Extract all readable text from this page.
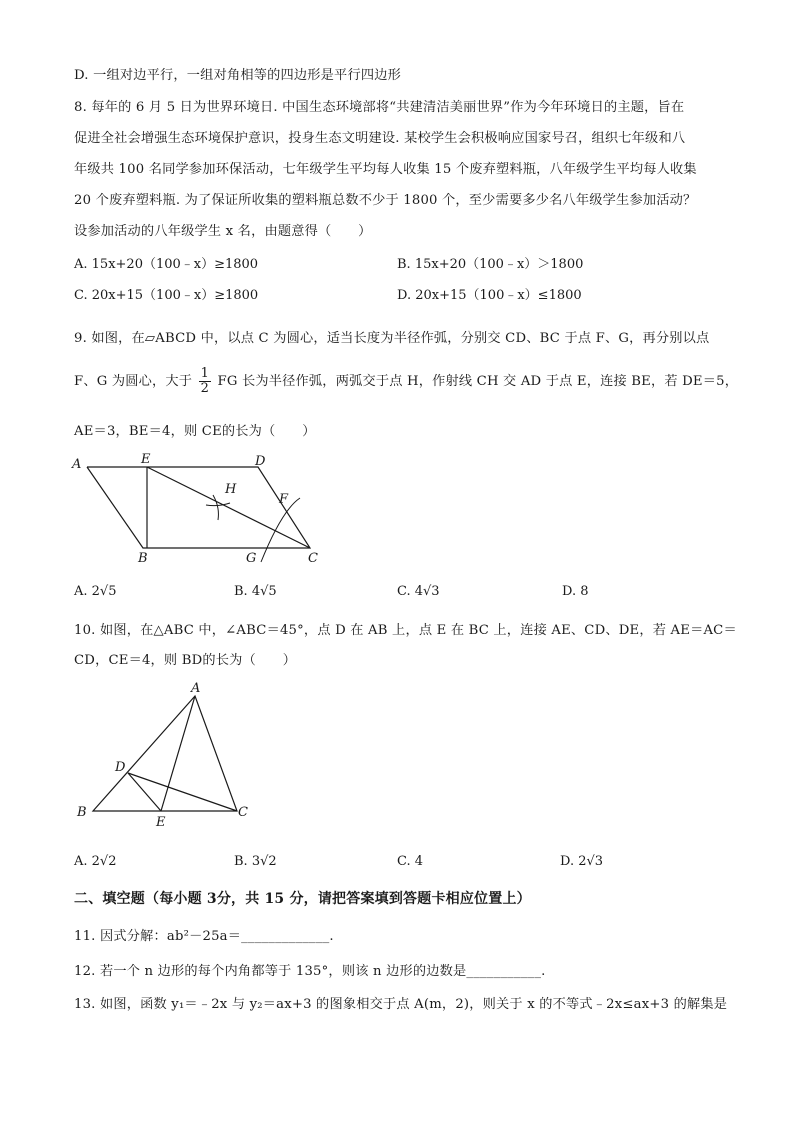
D. 一组对边平行，一组对角相等的四边形是平行四边形
8. 每年的 6 月 5 日为世界环境日. 中国生态环境部将“共建清洁美丽世界”作为今年环境日的主题，旨在
促进全社会增强生态环境保护意识，投身生态文明建设. 某校学生会积极响应国家号召，组织七年级和八
年级共 100 名同学参加环保活动，七年级学生平均每人收集 15 个废弃塑料瓶，八年级学生平均每人收集
20 个废弃塑料瓶. 为了保证所收集的塑料瓶总数不少于 1800 个，至少需要多少名八年级学生参加活动？
设参加活动的八年级学生 x 名，由题意得（　　）
A. 15x+20（100﹣x）≥1800	B. 15x+20（100﹣x）＞1800
C. 20x+15（100﹣x）≥1800	D. 20x+15（100﹣x）≤1800
9. 如图，在▱ABCD 中，以点 C 为圆心，适当长度为半径作弧，分别交 CD、BC 于点 F、G，再分别以点
F、G 为圆心，大于 $\frac{1}{2}$ FG 长为半径作弧，两弧交于点 H，作射线 CH 交 AD 于点 E，连接 BE，若 DE＝5，
AE＝3，BE＝4，则 CE的长为（　　）
A	E	D
H
F
B	G	C
A. 2√5	B. 4√5	C. 4√3	D. 8
10. 如图，在△ABC 中，∠ABC＝45°，点 D 在 AB 上，点 E 在 BC 上，连接 AE、CD、DE，若 AE＝AC＝
CD，CE＝4，则 BD的长为（　　）
A
D
B
E
C
A. 2√2	B. 3√2	C. 4	D. 2√3
二、填空题（每小题 3分，共 15 分，请把答案填到答题卡相应位置上）
11. 因式分解：ab²－25a＝_____________.
12. 若一个 n 边形的每个内角都等于 135°，则该 n 边形的边数是___________.
13. 如图，函数 y₁＝﹣2x 与 y₂＝ax+3 的图象相交于点 A(m，2)，则关于 x 的不等式﹣2x≤ax+3 的解集是
